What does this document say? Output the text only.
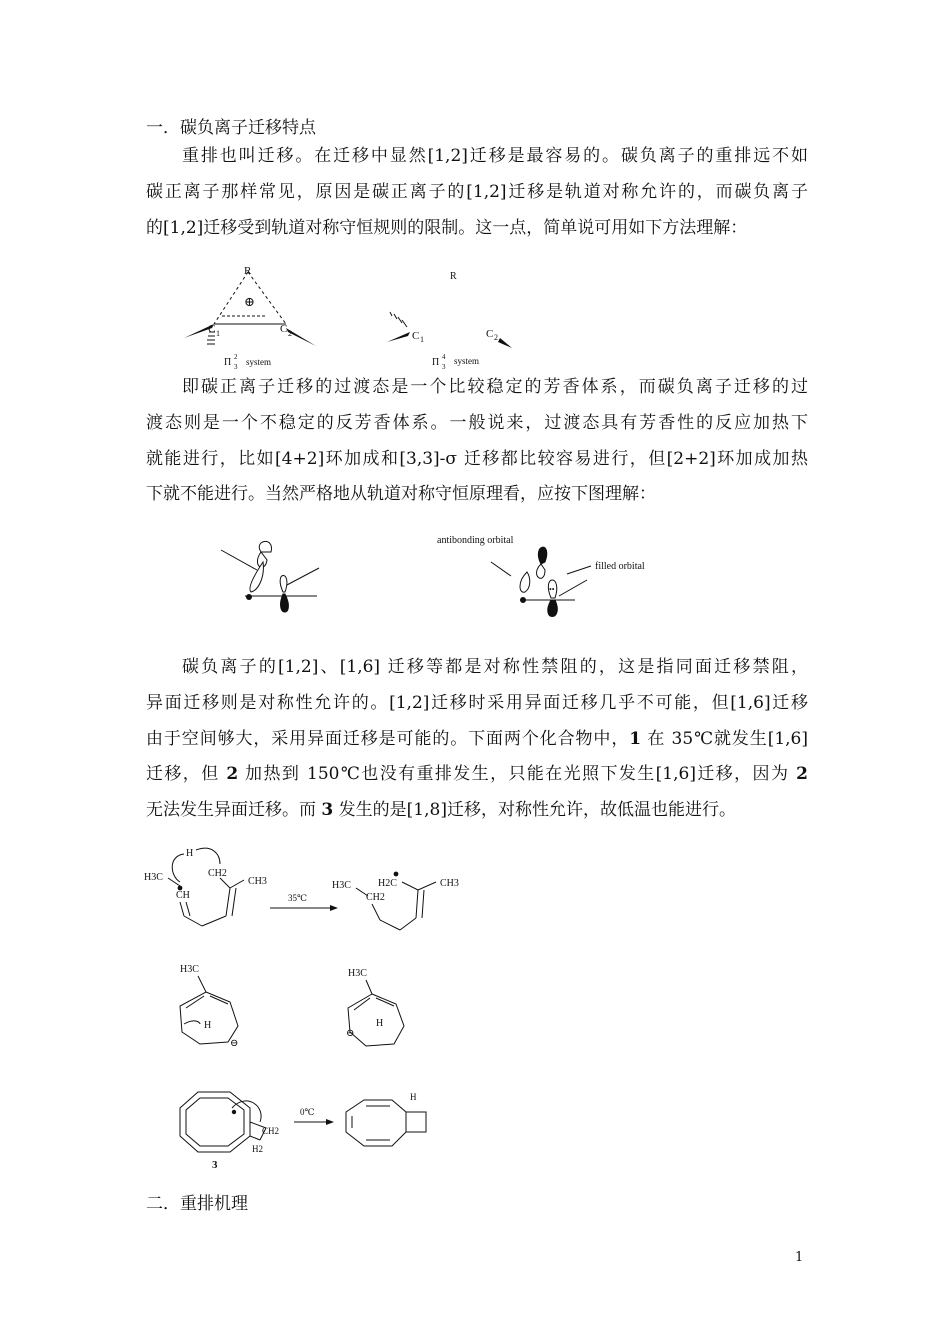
一．碳负离子迁移特点
重排也叫迁移。在迁移中显然[1,2]迁移是最容易的。碳负离子的重排远不如
碳正离子那样常见，原因是碳正离子的[1,2]迁移是轨道对称允许的，而碳负离子
的[1,2]迁移受到轨道对称守恒规则的限制。这一点，简单说可用如下方法理解：
R
⊕
C 1	C 2
Π 2
3 system
R
C 1	C 2
Π 4
3
system
即碳正离子迁移的过渡态是一个比较稳定的芳香体系，而碳负离子迁移的过
渡态则是一个不稳定的反芳香体系。一般说来，过渡态具有芳香性的反应加热下
就能进行，比如[4+2]环加成和[3,3]-σ 迁移都比较容易进行，但[2+2]环加成加热
下就不能进行。当然严格地从轨道对称守恒原理看，应按下图理解：
antibonding orbital
filled orbital
••
碳负离子的[1,2]、[1,6] 迁移等都是对称性禁阻的，这是指同面迁移禁阻，
异面迁移则是对称性允许的。[1,2]迁移时采用异面迁移几乎不可能，但[1,6]迁移
由于空间够大，采用异面迁移是可能的。下面两个化合物中，1 在 35℃就发生[1,6]
迁移，但 2 加热到 150℃也没有重排发生，只能在光照下发生[1,6]迁移，因为 2
无法发生异面迁移。而 3 发生的是[1,8]迁移，对称性允许，故低温也能进行。
H
H3C
CH
CH2
CH3
35℃
H3C	H2C
CH2
CH3
H3C
H
⊖
H3C
H
⊖
CH2
H2
3
0℃
H
二．重排机理
1
